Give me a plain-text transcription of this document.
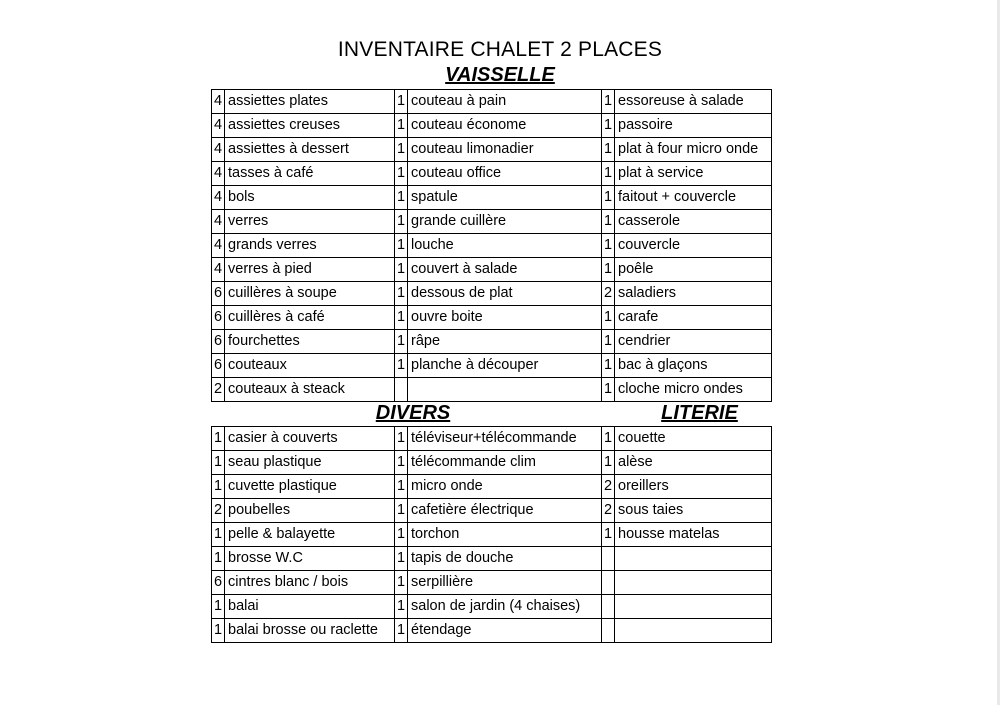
INVENTAIRE CHALET 2 PLACES
VAISSELLE
4	assiettes plates	1	couteau à pain	1	essoreuse à salade
4	assiettes creuses	1	couteau économe	1	passoire
4	assiettes à dessert	1	couteau limonadier	1	plat à four micro onde
4	tasses à café	1	couteau office	1	plat à service
4	bols	1	spatule	1	faitout + couvercle
4	verres	1	grande cuillère	1	casserole
4	grands verres	1	louche	1	couvercle
4	verres à pied	1	couvert à salade	1	poêle
6	cuillères à soupe	1	dessous de plat	2	saladiers
6	cuillères à café	1	ouvre boite	1	carafe
6	fourchettes	1	râpe	1	cendrier
6	couteaux	1	planche à découper	1	bac à glaçons
2	couteaux à steack			1	cloche micro ondes
DIVERS	LITERIE
1	casier à couverts	1	téléviseur+télécommande	1	couette
1	seau plastique	1	télécommande clim	1	alèse
1	cuvette plastique	1	micro onde	2	oreillers
2	poubelles	1	cafetière électrique	2	sous taies
1	pelle & balayette	1	torchon	1	housse matelas
1	brosse W.C	1	tapis de douche		
6	cintres blanc / bois	1	serpillière		
1	balai	1	salon de jardin (4 chaises)		
1	balai brosse ou raclette	1	étendage		
